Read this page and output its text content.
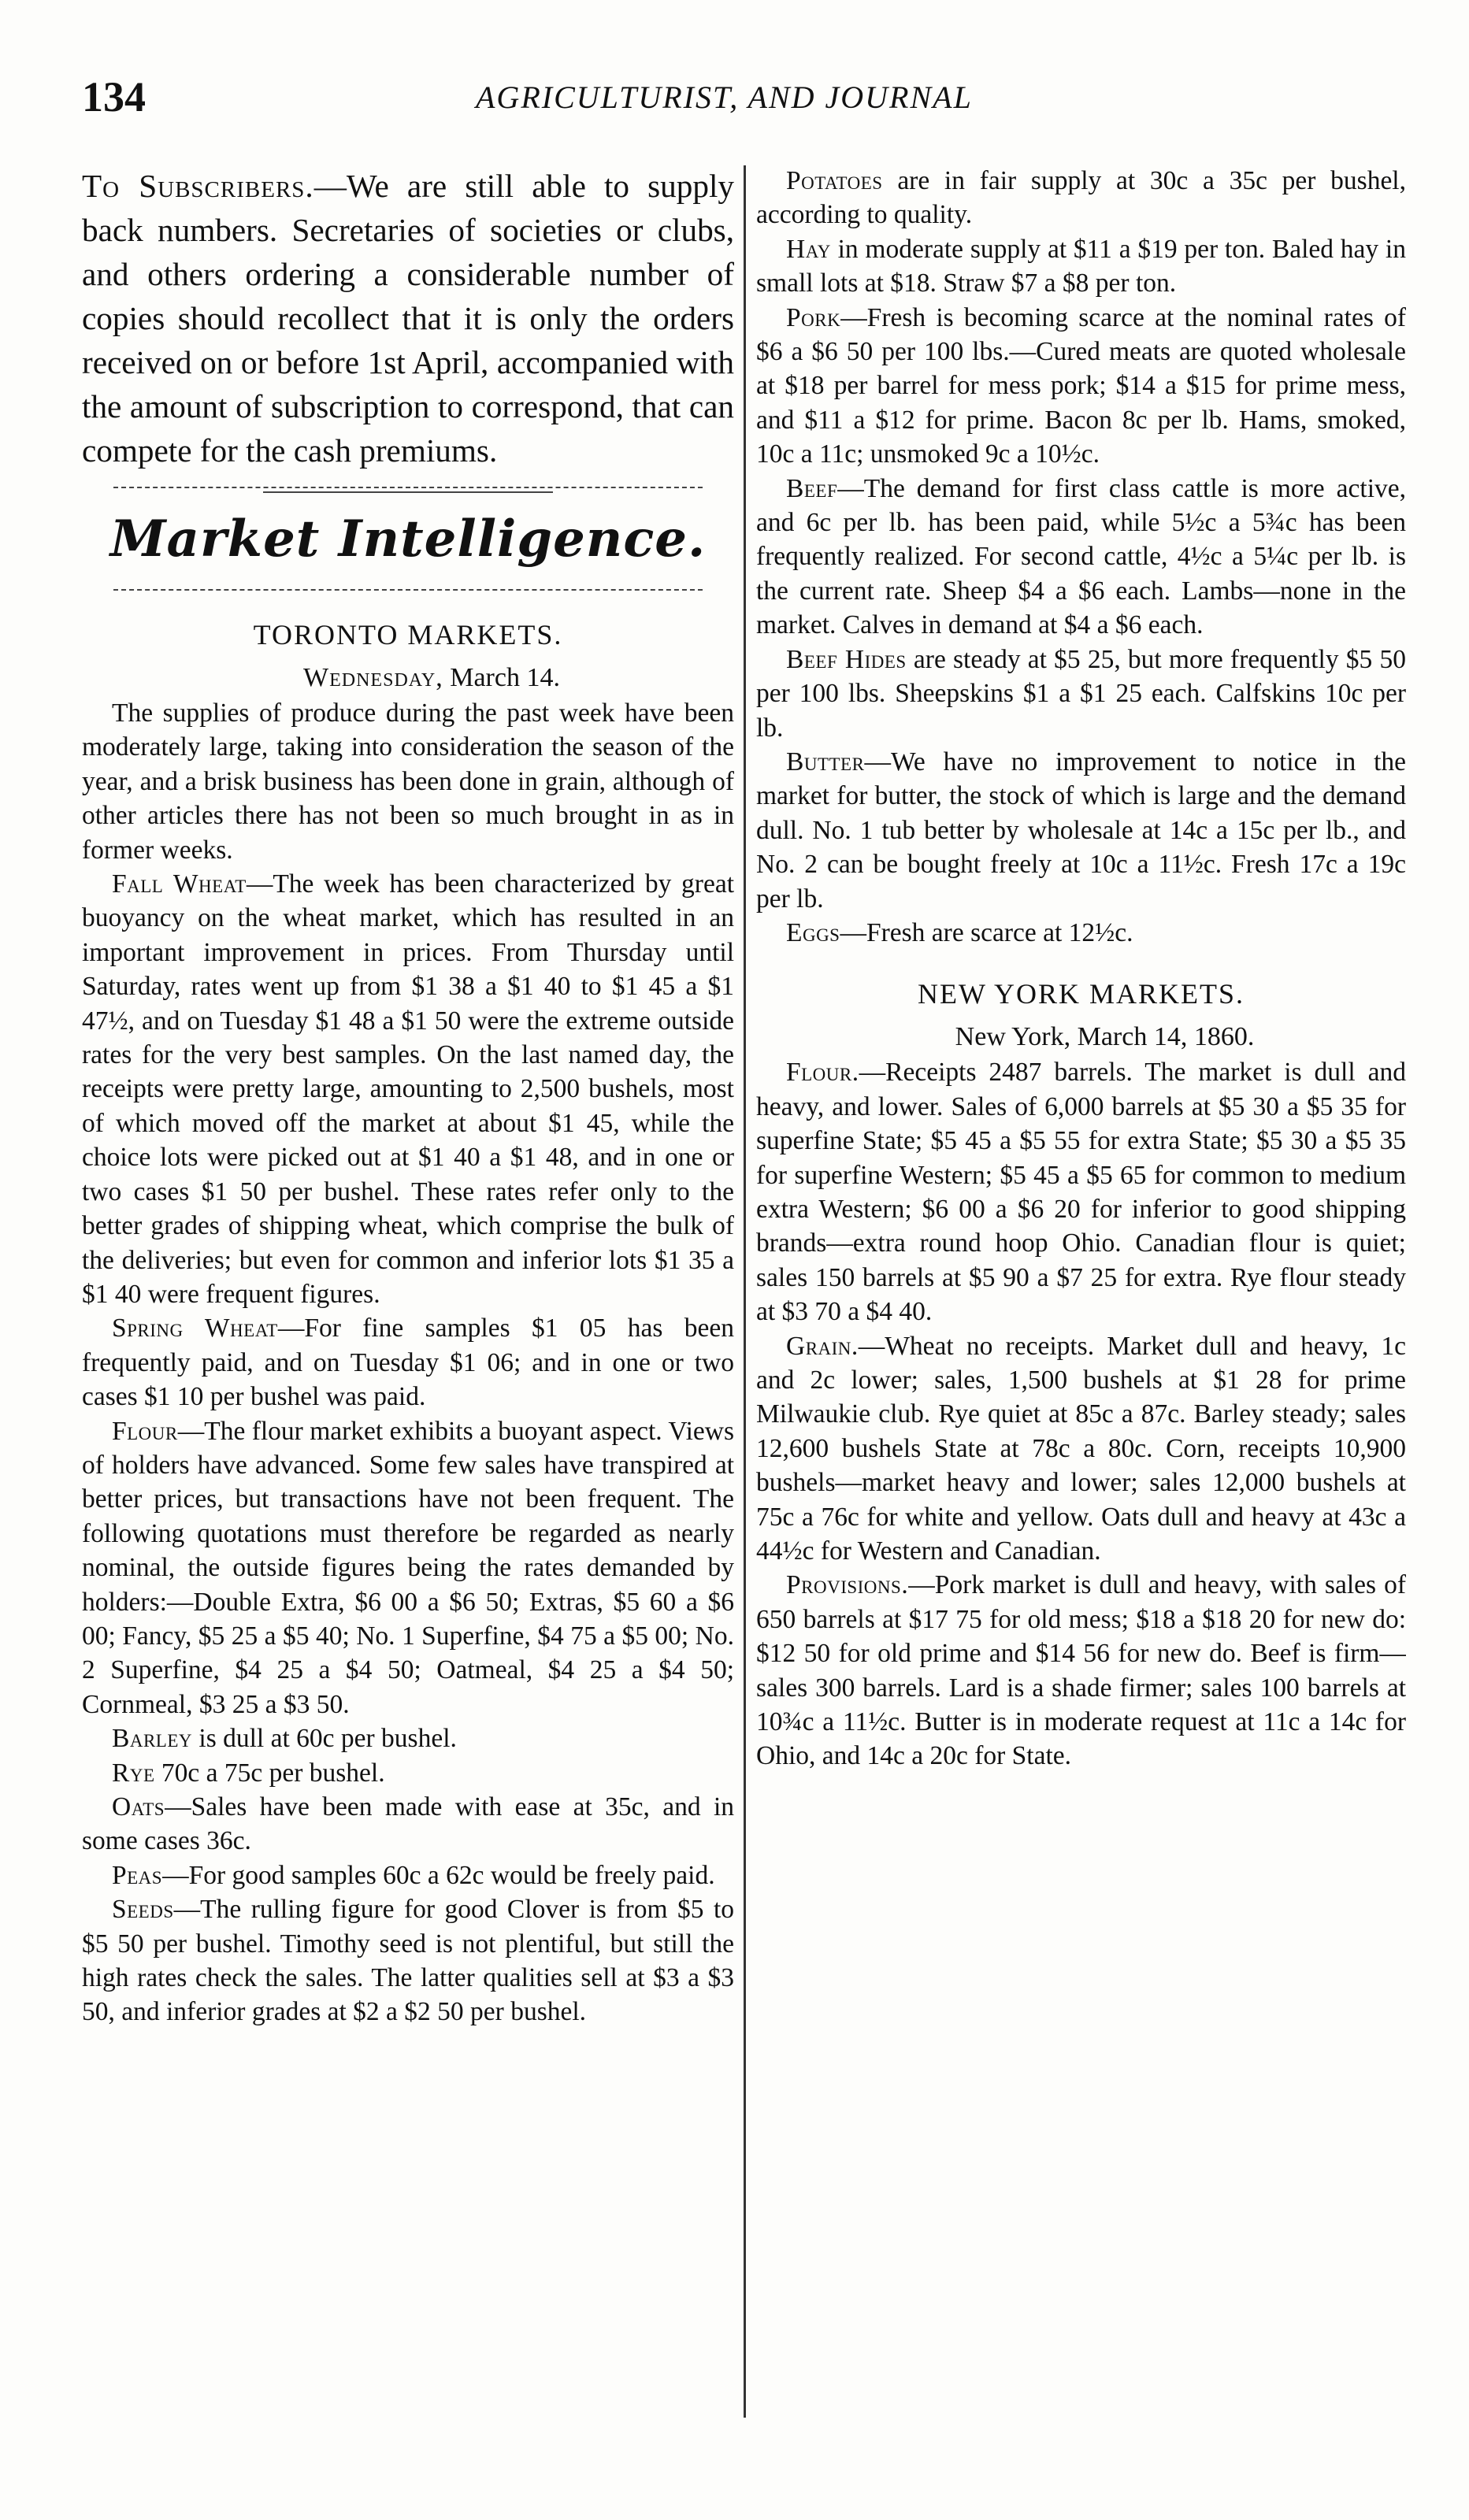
134	AGRICULTURIST, AND JOURNAL

To Subscribers.—We are still able to supply back numbers. Secretaries of societies or clubs, and others ordering a considerable number of copies should recollect that it is only the orders received on or before 1st April, accompanied with the amount of subscription to correspond, that can compete for the cash premiums.

Market Intelligence.
TORONTO MARKETS.
Wednesday, March 14.

The supplies of produce during the past week have been moderately large, taking into consideration the season of the year, and a brisk business has been done in grain, although of other articles there has not been so much brought in as in former weeks.

Fall Wheat—The week has been characterized by great buoyancy on the wheat market, which has resulted in an important improvement in prices. From Thursday until Saturday, rates went up from $1 38 a $1 40 to $1 45 a $1 47½, and on Tuesday $1 48 a $1 50 were the extreme outside rates for the very best samples. On the last named day, the receipts were pretty large, amounting to 2,500 bushels, most of which moved off the market at about $1 45, while the choice lots were picked out at $1 40 a $1 48, and in one or two cases $1 50 per bushel. These rates refer only to the better grades of shipping wheat, which comprise the bulk of the deliveries; but even for common and inferior lots $1 35 a $1 40 were frequent figures.

Spring Wheat—For fine samples $1 05 has been frequently paid, and on Tuesday $1 06; and in one or two cases $1 10 per bushel was paid.

Flour—The flour market exhibits a buoyant aspect. Views of holders have advanced. Some few sales have transpired at better prices, but transactions have not been frequent. The following quotations must therefore be regarded as nearly nominal, the outside figures being the rates demanded by holders:—Double Extra, $6 00 a $6 50; Extras, $5 60 a $6 00; Fancy, $5 25 a $5 40; No. 1 Superfine, $4 75 a $5 00; No. 2 Superfine, $4 25 a $4 50; Oatmeal, $4 25 a $4 50; Cornmeal, $3 25 a $3 50.

Barley is dull at 60c per bushel.

Rye 70c a 75c per bushel.

Oats—Sales have been made with ease at 35c, and in some cases 36c.

Peas—For good samples 60c a 62c would be freely paid.

Seeds—The rulling figure for good Clover is from $5 to $5 50 per bushel. Timothy seed is not plentiful, but still the high rates check the sales. The latter qualities sell at $3 a $3 50, and inferior grades at $2 a $2 50 per bushel.

Potatoes are in fair supply at 30c a 35c per bushel, according to quality.

Hay in moderate supply at $11 a $19 per ton. Baled hay in small lots at $18. Straw $7 a $8 per ton.

Pork—Fresh is becoming scarce at the nominal rates of $6 a $6 50 per 100 lbs.—Cured meats are quoted wholesale at $18 per barrel for mess pork; $14 a $15 for prime mess, and $11 a $12 for prime. Bacon 8c per lb. Hams, smoked, 10c a 11c; unsmoked 9c a 10½c.

Beef—The demand for first class cattle is more active, and 6c per lb. has been paid, while 5½c a 5¾c has been frequently realized. For second cattle, 4½c a 5¼c per lb. is the current rate. Sheep $4 a $6 each. Lambs—none in the market. Calves in demand at $4 a $6 each.

Beef Hides are steady at $5 25, but more frequently $5 50 per 100 lbs. Sheepskins $1 a $1 25 each. Calfskins 10c per lb.

Butter—We have no improvement to notice in the market for butter, the stock of which is large and the demand dull. No. 1 tub better by wholesale at 14c a 15c per lb., and No. 2 can be bought freely at 10c a 11½c. Fresh 17c a 19c per lb.

Eggs—Fresh are scarce at 12½c.

NEW YORK MARKETS.
New York, March 14, 1860.

Flour.—Receipts 2487 barrels. The market is dull and heavy, and lower. Sales of 6,000 barrels at $5 30 a $5 35 for superfine State; $5 45 a $5 55 for extra State; $5 30 a $5 35 for superfine Western; $5 45 a $5 65 for common to medium extra Western; $6 00 a $6 20 for inferior to good shipping brands—extra round hoop Ohio. Canadian flour is quiet; sales 150 barrels at $5 90 a $7 25 for extra. Rye flour steady at $3 70 a $4 40.

Grain.—Wheat no receipts. Market dull and heavy, 1c and 2c lower; sales, 1,500 bushels at $1 28 for prime Milwaukie club. Rye quiet at 85c a 87c. Barley steady; sales 12,600 bushels State at 78c a 80c. Corn, receipts 10,900 bushels—market heavy and lower; sales 12,000 bushels at 75c a 76c for white and yellow. Oats dull and heavy at 43c a 44½c for Western and Canadian.

Provisions.—Pork market is dull and heavy, with sales of 650 barrels at $17 75 for old mess; $18 a $18 20 for new do: $12 50 for old prime and $14 56 for new do. Beef is firm—sales 300 barrels. Lard is a shade firmer; sales 100 barrels at 10¾c a 11½c. Butter is in moderate request at 11c a 14c for Ohio, and 14c a 20c for State.
